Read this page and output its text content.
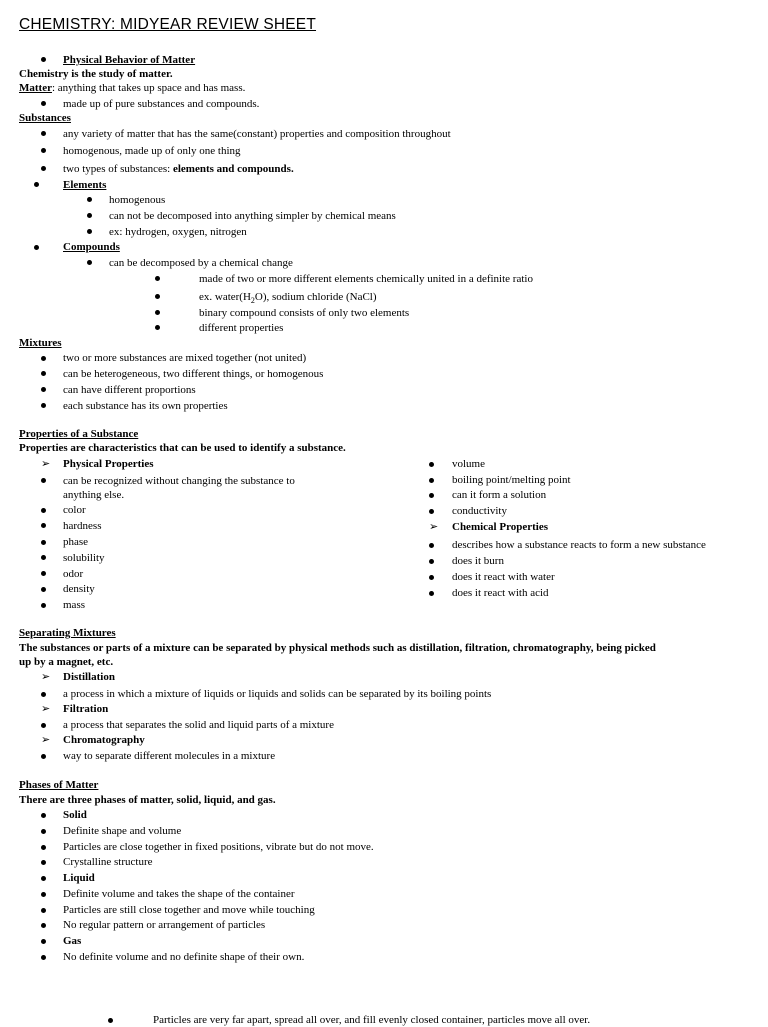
CHEMISTRY: MIDYEAR REVIEW SHEET
Physical Behavior of Matter
Chemistry is the study of matter.
Matter: anything that takes up space and has mass.
made up of pure substances and compounds.
Substances
any variety of matter that has the same(constant) properties and composition throughout
homogenous, made up of only one thing
two types of substances: elements and compounds.
Elements
homogenous
can not be decomposed into anything simpler by chemical means
ex: hydrogen, oxygen, nitrogen
Compounds
can be decomposed by a chemical change
made of two or more different elements chemically united in a definite ratio
ex. $water(H_2O)$, sodium chloride (NaCl)
binary compound consists of only two elements
different properties
Mixtures
two or more substances are mixed together (not united)
can be heterogeneous, two different things, or homogenous
can have different proportions
each substance has its own properties
Properties of a Substance
Properties are characteristics that can be used to identify a substance.
➢ Physical Properties
can be recognized without changing the substance to
anything else.
color
hardness
phase
solubility
odor
density
mass
volume
boiling point/melting point
can it form a solution
conductivity
➢ Chemical Properties
describes how a substance reacts to form a new substance
does it burn
does it react with water
does it react with acid
Separating Mixtures
The substances or parts of a mixture can be separated by physical methods such as distillation, filtration, chromatography, being picked
up by a magnet, etc.
➢ Distillation
a process in which a mixture of liquids or liquids and solids can be separated by its boiling points
➢ Filtration
a process that separates the solid and liquid parts of a mixture
➢ Chromatography
way to separate different molecules in a mixture
Phases of Matter
There are three phases of matter, solid, liquid, and gas.
Solid
Definite shape and volume
Particles are close together in fixed positions, vibrate but do not move.
Crystalline structure
Liquid
Definite volume and takes the shape of the container
Particles are still close together and move while touching
No regular pattern or arrangement of particles
Gas
No definite volume and no definite shape of their own.
Particles are very far apart, spread all over, and fill evenly closed container, particles move all over.
